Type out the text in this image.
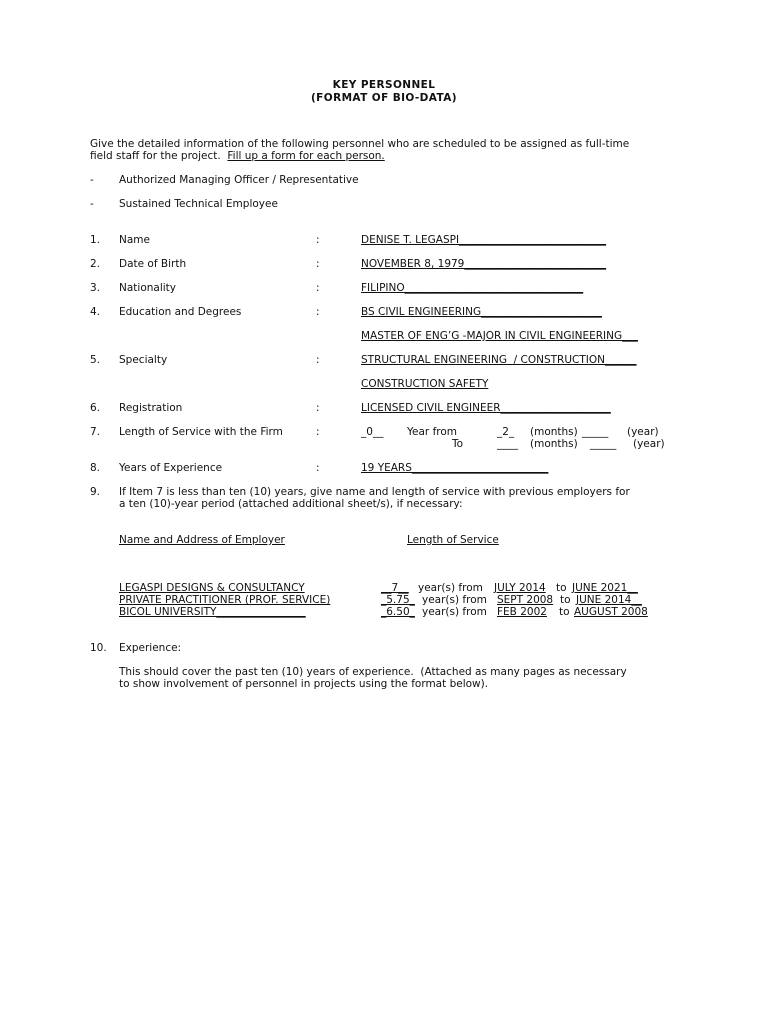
KEY PERSONNEL
(FORMAT OF BIO-DATA)
Give the detailed information of the following personnel who are scheduled to be assigned as full-time
field staff for the project.  Fill up a form for each person.
- Authorized Managing Officer / Representative
- Sustained Technical Employee
1. Name	:	DENISE T. LEGASPI____________________________
2. Date of Birth	:	NOVEMBER 8, 1979___________________________
3. Nationality	:	FILIPINO__________________________________
4. Education and Degrees	:	BS CIVIL ENGINEERING_______________________
MASTER OF ENG’G -MAJOR IN CIVIL ENGINEERING___
5. Specialty	:	STRUCTURAL ENGINEERING  / CONSTRUCTION______
CONSTRUCTION SAFETY
6. Registration	:	LICENSED CIVIL ENGINEER_____________________
7. Length of Service with the Firm	:	_0__ Year from	_2_ (months) _____ (year)
To	____ (months) _____ (year)
8. Years of Experience	:	19 YEARS__________________________
9. If Item 7 is less than ten (10) years, give name and length of service with previous employers for
a ten (10)-year period (attached additional sheet/s), if necessary:
Name and Address of Employer	Length of Service
LEGASPI DESIGNS & CONSULTANCY	__7__ year(s) from JULY 2014 to JUNE 2021__
PRIVATE PRACTITIONER (PROF. SERVICE)	_5.75_ year(s) from SEPT 2008 to JUNE 2014__
BICOL UNIVERSITY_________________	_6.50_ year(s) from FEB 2002 to AUGUST 2008
10. Experience:
This should cover the past ten (10) years of experience.  (Attached as many pages as necessary
to show involvement of personnel in projects using the format below).
